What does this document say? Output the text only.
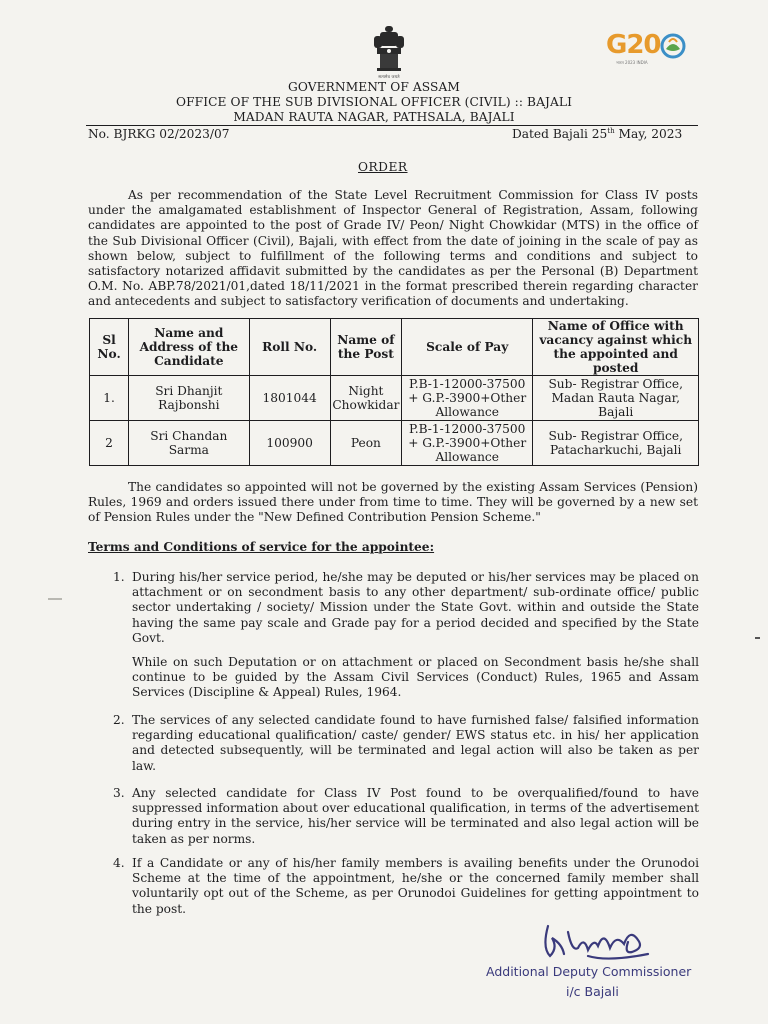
सत्यमेव जयते
G20
भारत 2023 INDIA
GOVERNMENT OF ASSAM
OFFICE OF THE SUB DIVISIONAL OFFICER (CIVIL) :: BAJALI
MADAN RAUTA NAGAR, PATHSALA, BAJALI
No. BJRKG 02/2023/07	Dated Bajali 25th May, 2023
ORDER
As per recommendation of the State Level Recruitment Commission for Class IV posts under the amalgamated establishment of Inspector General of Registration, Assam, following candidates are appointed to the post of Grade IV/ Peon/ Night Chowkidar (MTS) in the office of the Sub Divisional Officer (Civil), Bajali, with effect from the date of joining in the scale of pay as shown below, subject to fulfillment of the following terms and conditions and subject to satisfactory notarized affidavit submitted by the candidates as per the Personal (B) Department O.M. No. ABP.78/2021/01,dated 18/11/2021 in the format prescribed therein regarding character and antecedents and subject to satisfactory verification of documents and undertaking.
Sl No.	Name and Address of the Candidate	Roll No.	Name of the Post	Scale of Pay	Name of Office with vacancy against which the appointed and posted
1.	Sri Dhanjit Rajbonshi	1801044	Night Chowkidar	P.B-1-12000-37500 + G.P.-3900+Other Allowance	Sub- Registrar Office, Madan Rauta Nagar, Bajali
2	Sri Chandan Sarma	100900	Peon	P.B-1-12000-37500 + G.P.-3900+Other Allowance	Sub- Registrar Office, Patacharkuchi, Bajali
The candidates so appointed will not be governed by the existing Assam Services (Pension) Rules, 1969 and orders issued there under from time to time. They will be governed by a new set of Pension Rules under the "New Defined Contribution Pension Scheme."
Terms and Conditions of service for the appointee:
1. During his/her service period, he/she may be deputed or his/her services may be placed on attachment or on secondment basis to any other department/ sub-ordinate office/ public sector undertaking / society/ Mission under the State Govt. within and outside the State having the same pay scale and Grade pay for a period decided and specified by the State Govt.
While on such Deputation or on attachment or placed on Secondment basis he/she shall continue to be guided by the Assam Civil Services (Conduct) Rules, 1965 and Assam Services (Discipline & Appeal) Rules, 1964.
2. The services of any selected candidate found to have furnished false/ falsified information regarding educational qualification/ caste/ gender/ EWS status etc. in his/ her application and detected subsequently, will be terminated and legal action will also be taken as per law.
3. Any selected candidate for Class IV Post found to be overqualified/found to have suppressed information about over educational qualification, in terms of the advertisement during entry in the service, his/her service will be terminated and also legal action will be taken as per norms.
4. If a Candidate or any of his/her family members is availing benefits under the Orunodoi Scheme at the time of the appointment, he/she or the concerned family member shall voluntarily opt out of the Scheme, as per Orunodoi Guidelines for getting appointment to the post.
Additional Deputy Commissioner
i/c Bajali
